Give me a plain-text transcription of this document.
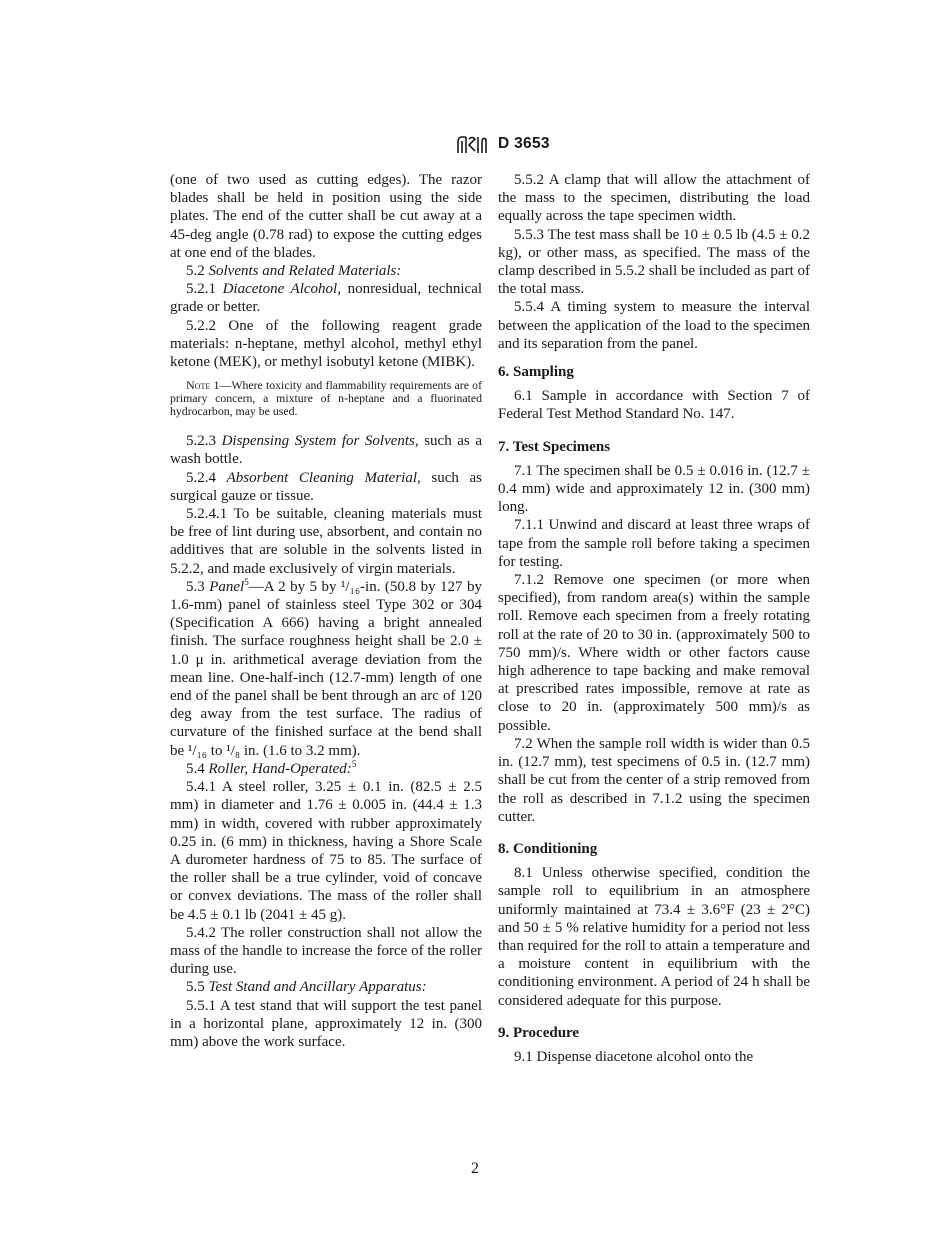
D 3653

(one of two used as cutting edges). The razor blades shall be held in position using the side plates. The end of the cutter shall be cut away at a 45-deg angle (0.78 rad) to expose the cutting edges at one end of the blades.

5.2 Solvents and Related Materials:

5.2.1 Diacetone Alcohol, nonresidual, technical grade or better.

5.2.2 One of the following reagent grade materials: n-heptane, methyl alcohol, methyl ethyl ketone (MEK), or methyl isobutyl ketone (MIBK).

Note 1—Where toxicity and flammability requirements are of primary concern, a mixture of n-heptane and a fluorinated hydrocarbon, may be used.

5.2.3 Dispensing System for Solvents, such as a wash bottle.

5.2.4 Absorbent Cleaning Material, such as surgical gauze or tissue.

5.2.4.1 To be suitable, cleaning materials must be free of lint during use, absorbent, and contain no additives that are soluble in the solvents listed in 5.2.2, and made exclusively of virgin materials.

5.3 Panel$^5$—A 2 by 5 by ¹/₁₆-in. (50.8 by 127 by 1.6-mm) panel of stainless steel Type 302 or 304 (Specification A 666) having a bright annealed finish. The surface roughness height shall be 2.0 ± 1.0 μ in. arithmetical average deviation from the mean line. One-half-inch (12.7-mm) length of one end of the panel shall be bent through an arc of 120 deg away from the test surface. The radius of curvature of the finished surface at the bend shall be ¹/₁₆ to ¹/₈ in. (1.6 to 3.2 mm).

5.4 Roller, Hand-Operated:$^5$

5.4.1 A steel roller, 3.25 ± 0.1 in. (82.5 ± 2.5 mm) in diameter and 1.76 ± 0.005 in. (44.4 ± 1.3 mm) in width, covered with rubber approximately 0.25 in. (6 mm) in thickness, having a Shore Scale A durometer hardness of 75 to 85. The surface of the roller shall be a true cylinder, void of concave or convex deviations. The mass of the roller shall be 4.5 ± 0.1 lb (2041 ± 45 g).

5.4.2 The roller construction shall not allow the mass of the handle to increase the force of the roller during use.

5.5 Test Stand and Ancillary Apparatus:

5.5.1 A test stand that will support the test panel in a horizontal plane, approximately 12 in. (300 mm) above the work surface.

5.5.2 A clamp that will allow the attachment of the mass to the specimen, distributing the load equally across the tape specimen width.

5.5.3 The test mass shall be 10 ± 0.5 lb (4.5 ± 0.2 kg), or other mass, as specified. The mass of the clamp described in 5.5.2 shall be included as part of the total mass.

5.5.4 A timing system to measure the interval between the application of the load to the specimen and its separation from the panel.

6. Sampling

6.1 Sample in accordance with Section 7 of Federal Test Method Standard No. 147.

7. Test Specimens

7.1 The specimen shall be 0.5 ± 0.016 in. (12.7 ± 0.4 mm) wide and approximately 12 in. (300 mm) long.

7.1.1 Unwind and discard at least three wraps of tape from the sample roll before taking a specimen for testing.

7.1.2 Remove one specimen (or more when specified), from random area(s) within the sample roll. Remove each specimen from a freely rotating roll at the rate of 20 to 30 in. (approximately 500 to 750 mm)/s. Where width or other factors cause high adherence to tape backing and make removal at prescribed rates impossible, remove at rate as close to 20 in. (approximately 500 mm)/s as possible.

7.2 When the sample roll width is wider than 0.5 in. (12.7 mm), test specimens of 0.5 in. (12.7 mm) shall be cut from the center of a strip removed from the roll as described in 7.1.2 using the specimen cutter.

8. Conditioning

8.1 Unless otherwise specified, condition the sample roll to equilibrium in an atmosphere uniformly maintained at 73.4 ± 3.6°F (23 ± 2°C) and 50 ± 5 % relative humidity for a period not less than required for the roll to attain a temperature and a moisture content in equilibrium with the conditioning environment. A period of 24 h shall be considered adequate for this purpose.

9. Procedure

9.1 Dispense diacetone alcohol onto the

2
